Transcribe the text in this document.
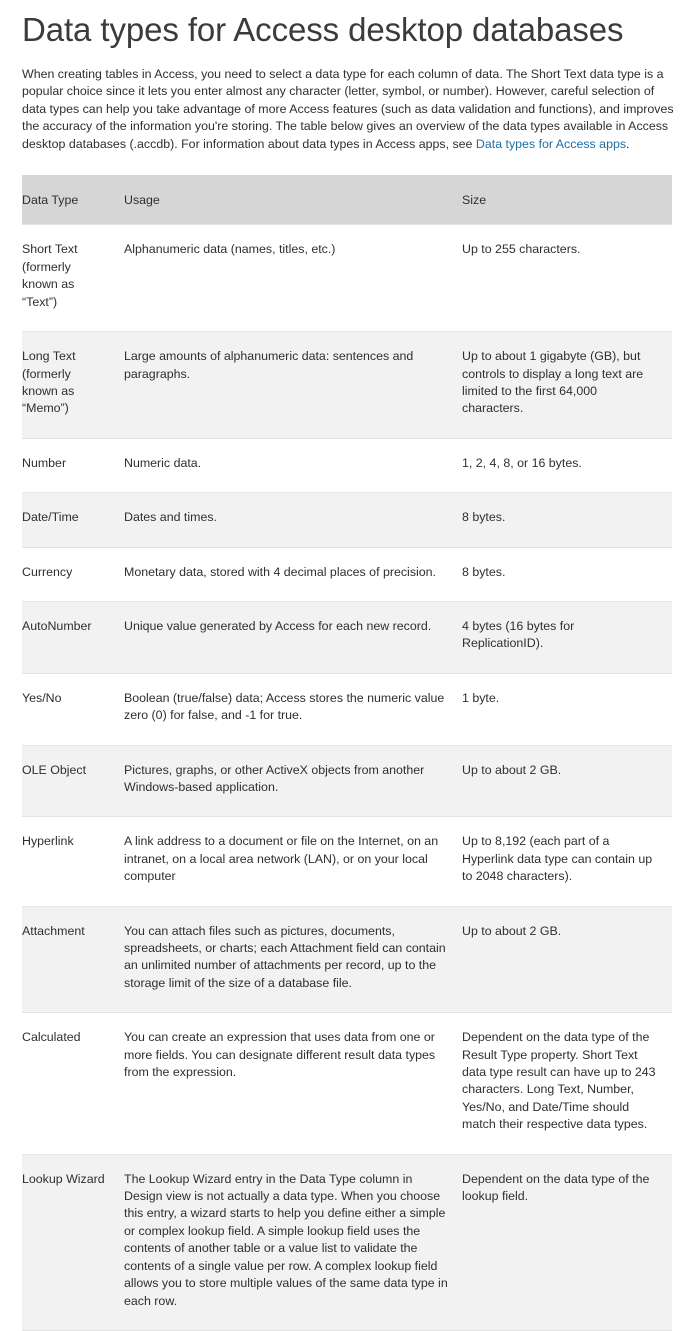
Data types for Access desktop databases

When creating tables in Access, you need to select a data type for each column of data. The Short Text data type is a popular choice since it lets you enter almost any character (letter, symbol, or number). However, careful selection of data types can help you take advantage of more Access features (such as data validation and functions), and improves the accuracy of the information you're storing. The table below gives an overview of the data types available in Access desktop databases (.accdb). For information about data types in Access apps, see Data types for Access apps.

Data Type	Usage	Size
Short Text (formerly known as “Text”)	Alphanumeric data (names, titles, etc.)	Up to 255 characters.
Long Text (formerly known as “Memo”)	Large amounts of alphanumeric data: sentences and paragraphs.	Up to about 1 gigabyte (GB), but controls to display a long text are limited to the first 64,000 characters.
Number	Numeric data.	1, 2, 4, 8, or 16 bytes.
Date/Time	Dates and times.	8 bytes.
Currency	Monetary data, stored with 4 decimal places of precision.	8 bytes.
AutoNumber	Unique value generated by Access for each new record.	4 bytes (16 bytes for ReplicationID).
Yes/No	Boolean (true/false) data; Access stores the numeric value zero (0) for false, and -1 for true.	1 byte.
OLE Object	Pictures, graphs, or other ActiveX objects from another Windows-based application.	Up to about 2 GB.
Hyperlink	A link address to a document or file on the Internet, on an intranet, on a local area network (LAN), or on your local computer	Up to 8,192 (each part of a Hyperlink data type can contain up to 2048 characters).
Attachment	You can attach files such as pictures, documents, spreadsheets, or charts; each Attachment field can contain an unlimited number of attachments per record, up to the storage limit of the size of a database file.	Up to about 2 GB.
Calculated	You can create an expression that uses data from one or more fields. You can designate different result data types from the expression.	Dependent on the data type of the Result Type property. Short Text data type result can have up to 243 characters. Long Text, Number, Yes/No, and Date/Time should match their respective data types.
Lookup Wizard	The Lookup Wizard entry in the Data Type column in Design view is not actually a data type. When you choose this entry, a wizard starts to help you define either a simple or complex lookup field. A simple lookup field uses the contents of another table or a value list to validate the contents of a single value per row. A complex lookup field allows you to store multiple values of the same data type in each row.	Dependent on the data type of the lookup field.
